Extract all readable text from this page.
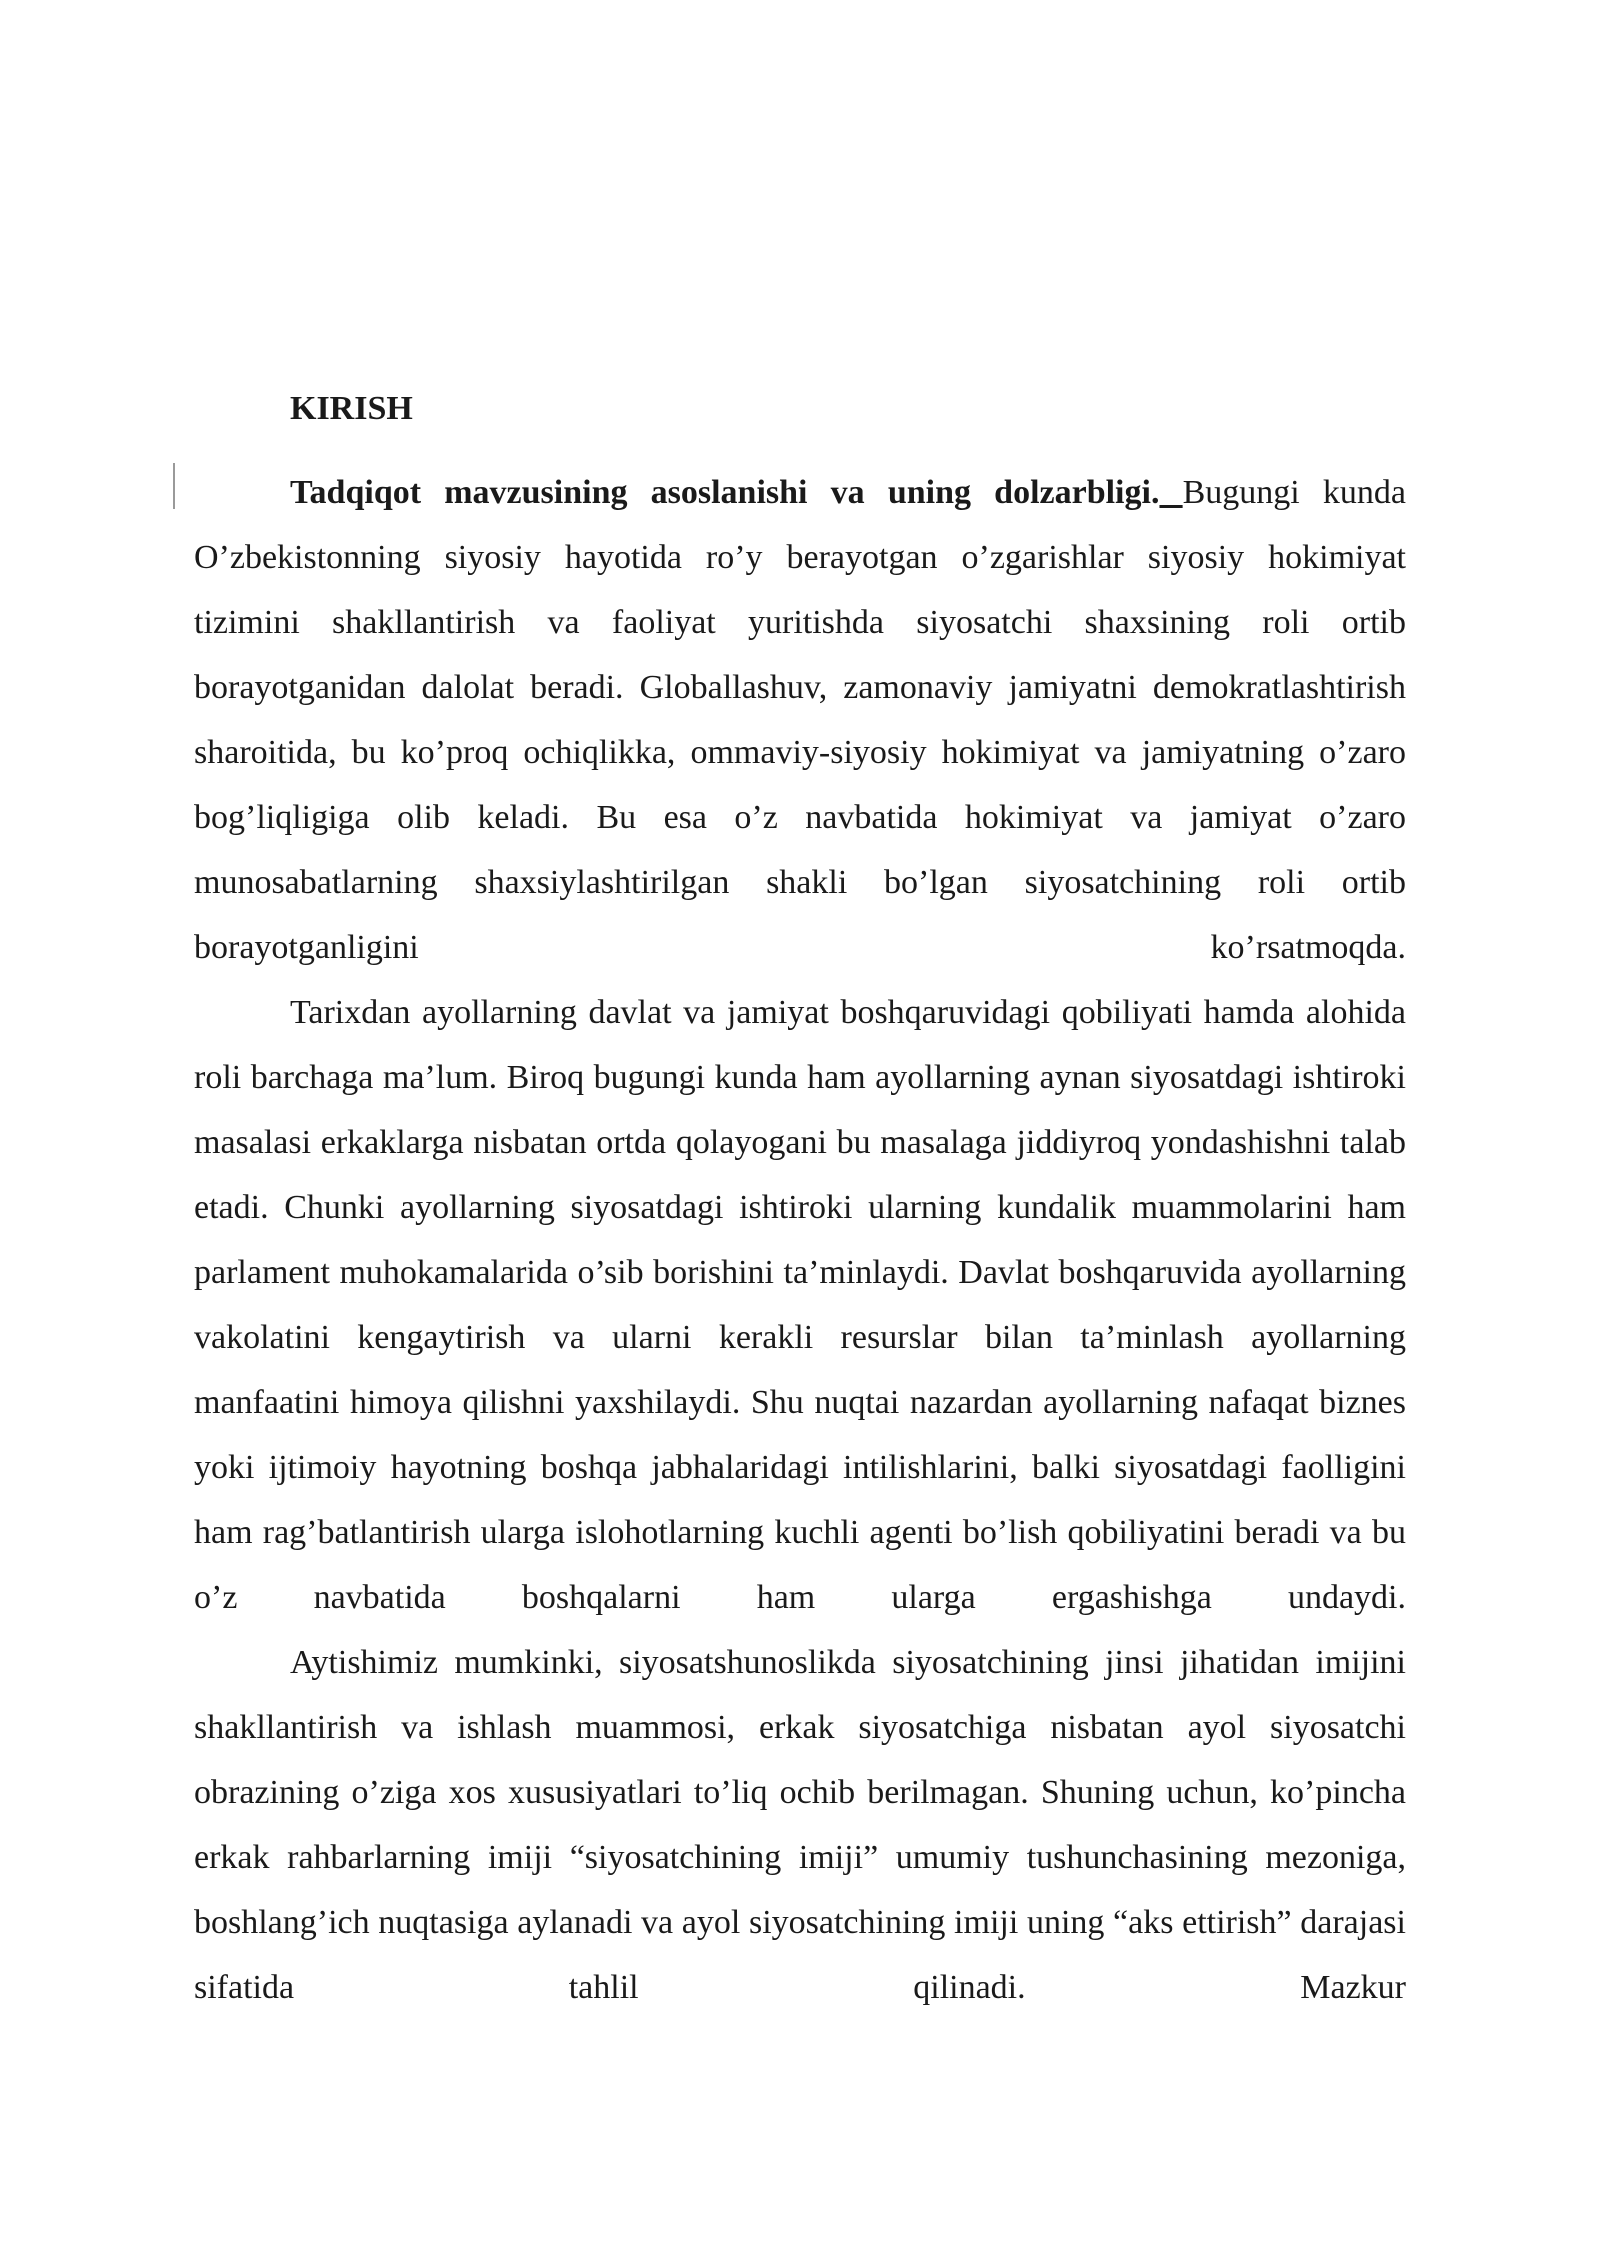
KIRISH

Tadqiqot mavzusining asoslanishi va uning dolzarbligi. Bugungi kunda O’zbekistonning siyosiy hayotida ro’y berayotgan o’zgarishlar siyosiy hokimiyat tizimini shakllantirish va faoliyat yuritishda siyosatchi shaxsining roli ortib borayotganidan dalolat beradi. Globallashuv, zamonaviy jamiyatni demokratlashtirish sharoitida, bu ko’proq ochiqlikka, ommaviy-siyosiy hokimiyat va jamiyatning o’zaro bog’liqligiga olib keladi. Bu esa o’z navbatida hokimiyat va jamiyat o’zaro munosabatlarning shaxsiylashtirilgan shakli bo’lgan siyosatchining roli ortib borayotganligini ko’rsatmoqda.

Tarixdan ayollarning davlat va jamiyat boshqaruvidagi qobiliyati hamda alohida roli barchaga ma’lum. Biroq bugungi kunda ham ayollarning aynan siyosatdagi ishtiroki masalasi erkaklarga nisbatan ortda qolayogani bu masalaga jiddiyroq yondashishni talab etadi. Chunki ayollarning siyosatdagi ishtiroki ularning kundalik muammolarini ham parlament muhokamalarida o’sib borishini ta’minlaydi. Davlat boshqaruvida ayollarning vakolatini kengaytirish va ularni kerakli resurslar bilan ta’minlash ayollarning manfaatini himoya qilishni yaxshilaydi. Shu nuqtai nazardan ayollarning nafaqat biznes yoki ijtimoiy hayotning boshqa jabhalaridagi intilishlarini, balki siyosatdagi faolligini ham rag’batlantirish ularga islohotlarning kuchli agenti bo’lish qobiliyatini beradi va bu o’z navbatida boshqalarni ham ularga ergashishga undaydi.

Aytishimiz mumkinki, siyosatshunoslikda siyosatchining jinsi jihatidan imijini shakllantirish va ishlash muammosi, erkak siyosatchiga nisbatan ayol siyosatchi obrazining o’ziga xos xususiyatlari to’liq ochib berilmagan. Shuning uchun, ko’pincha erkak rahbarlarning imiji “siyosatchining imiji” umumiy tushunchasining mezoniga, boshlang’ich nuqtasiga aylanadi va ayol siyosatchining imiji uning “aks ettirish” darajasi sifatida tahlil qilinadi. Mazkur
